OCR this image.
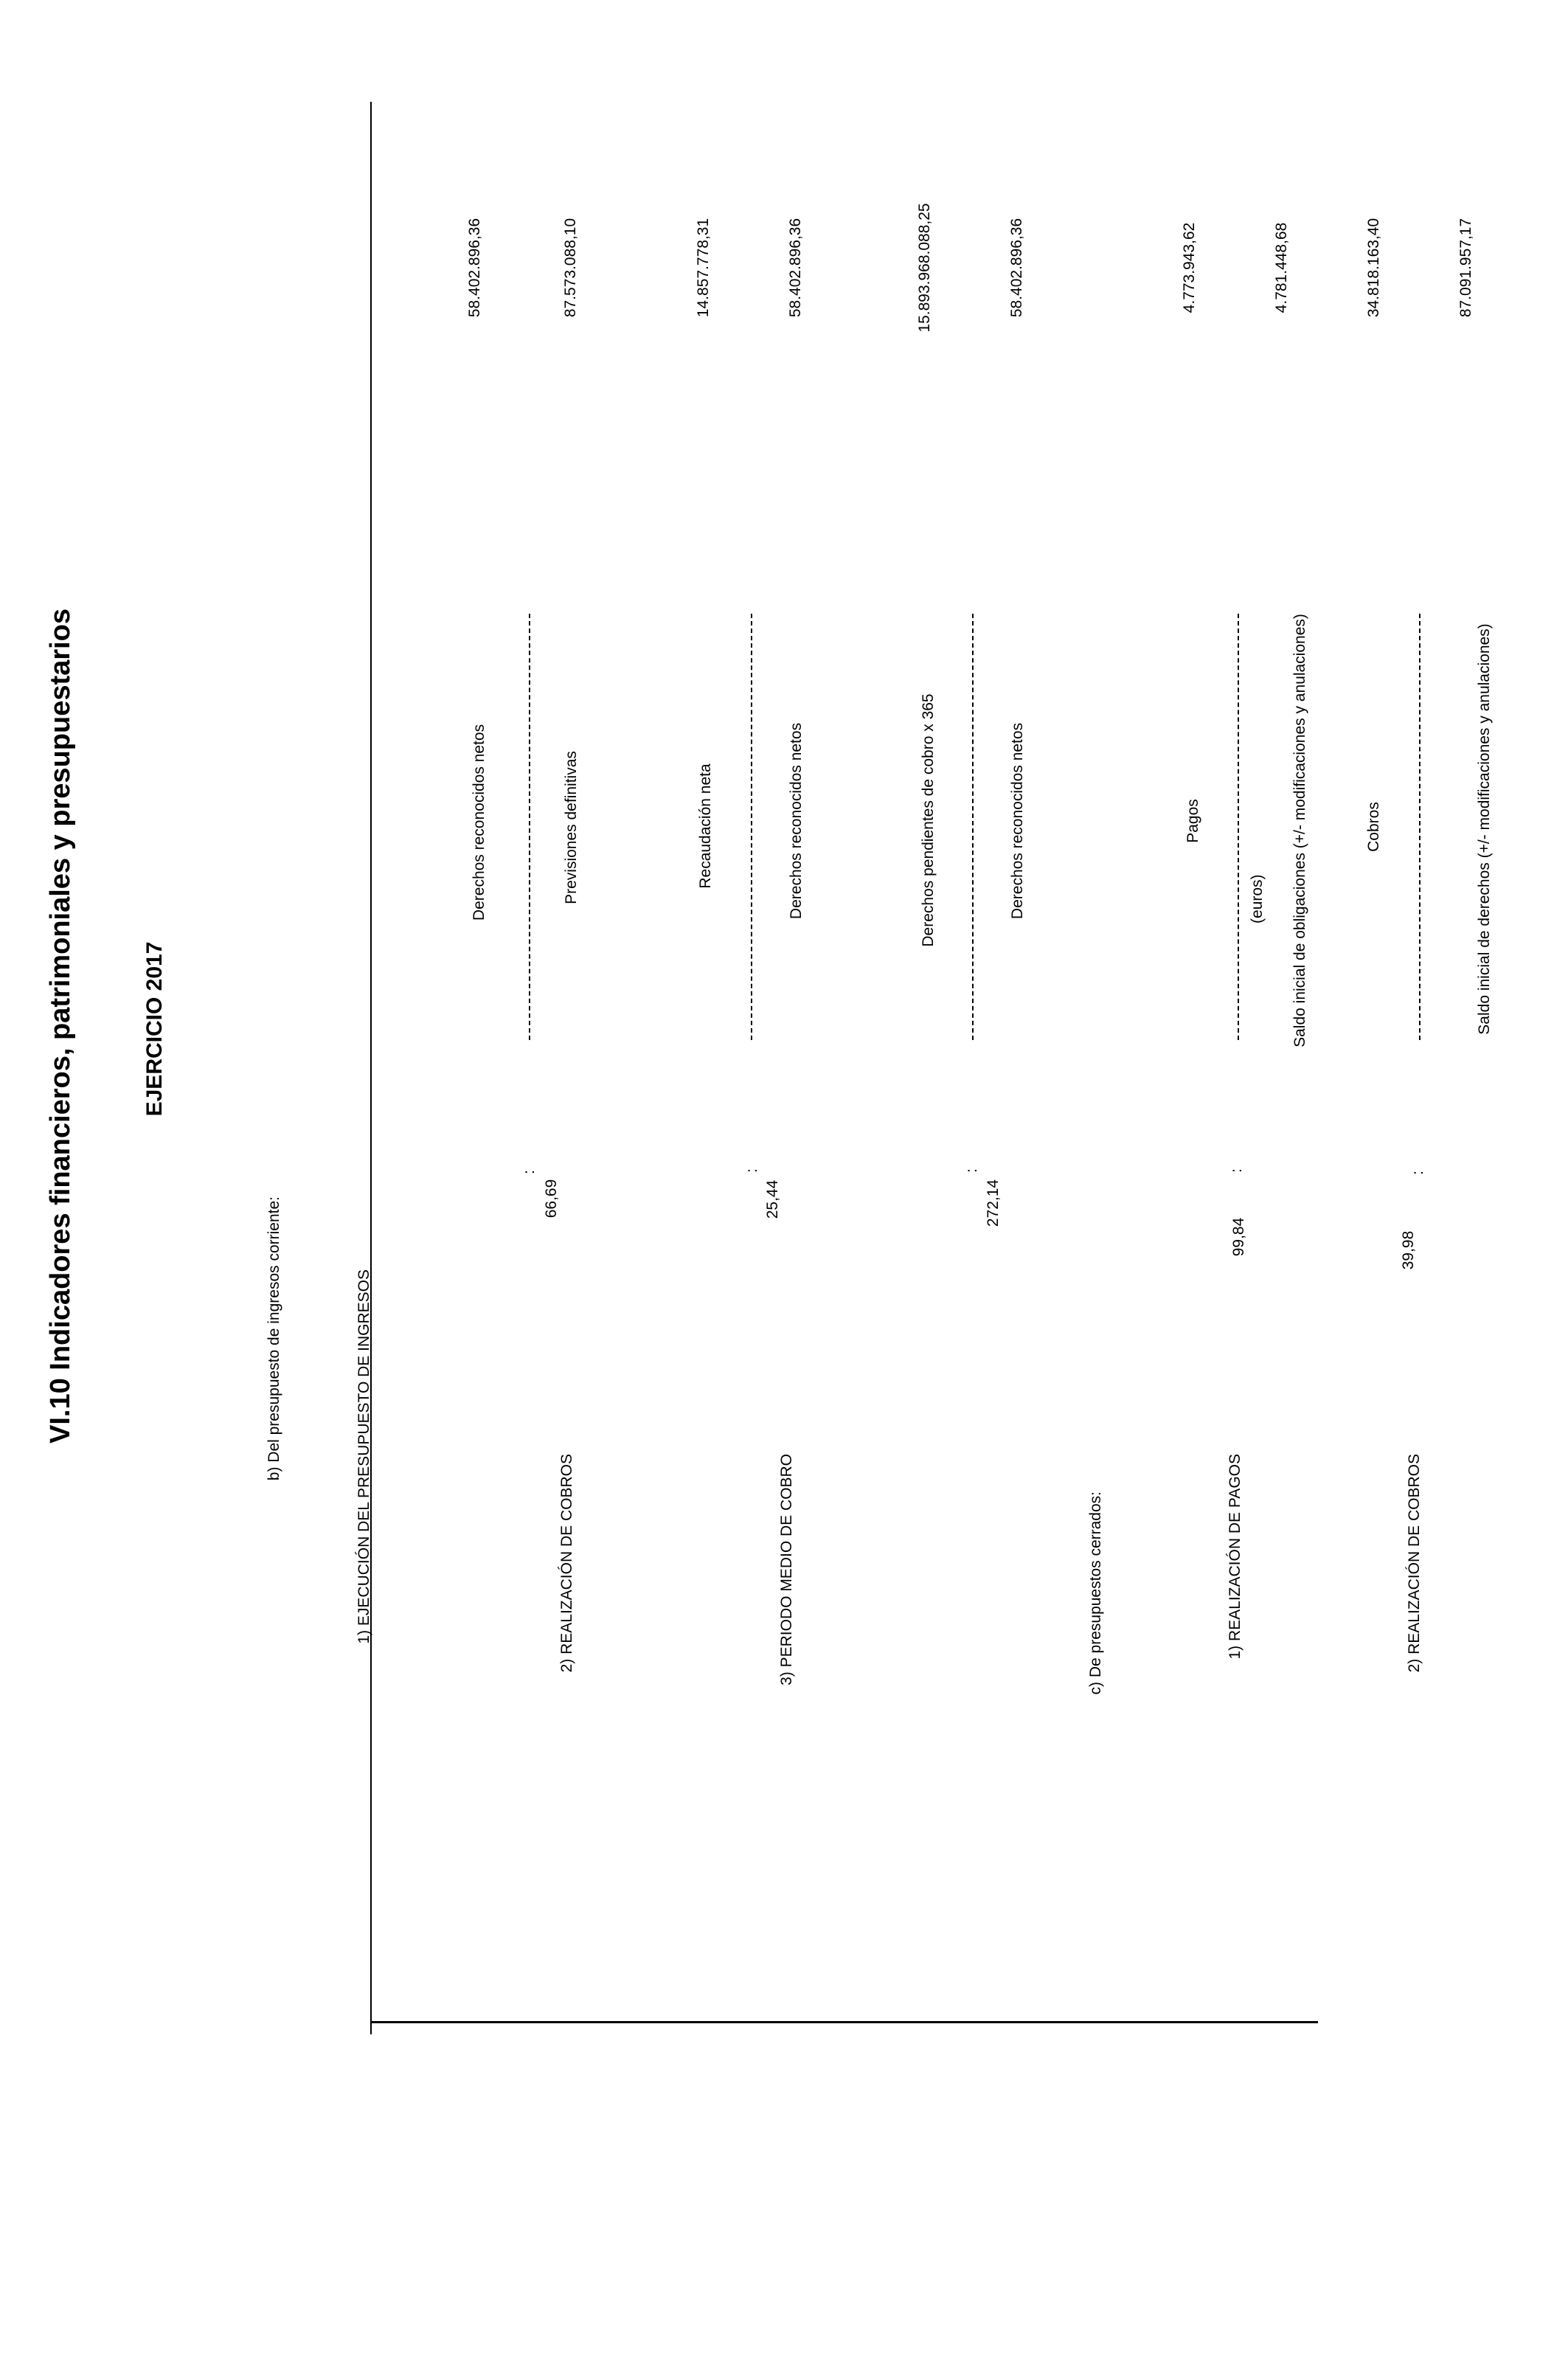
VI.10 Indicadores financieros, patrimoniales y presupuestarios	EJERCICIO 2017
(euros)
b) Del presupuesto de ingresos corriente:	1) EJECUCIÓN DEL PRESUPUESTO DE INGRESOS
66,69
:
Derechos reconocidos netos	Previsiones definitivas
58.402.896,36	87.573.088,10
2) REALIZACIÓN DE COBROS
25,44
:
Recaudación neta	Derechos reconocidos netos
14.857.778,31	58.402.896,36
3) PERIODO MEDIO DE COBRO
272,14
:
Derechos pendientes de cobro x 365	Derechos reconocidos netos
15.893.968.088,25	58.402.896,36
c) De presupuestos cerrados:	1) REALIZACIÓN DE PAGOS
99,84
:
Pagos	Saldo inicial de obligaciones (+/- modificaciones y anulaciones)
4.773.943,62	4.781.448,68
2) REALIZACIÓN DE COBROS
39,98
:
Cobros	Saldo inicial de derechos (+/- modificaciones y anulaciones)
34.818.163,40	87.091.957,17
